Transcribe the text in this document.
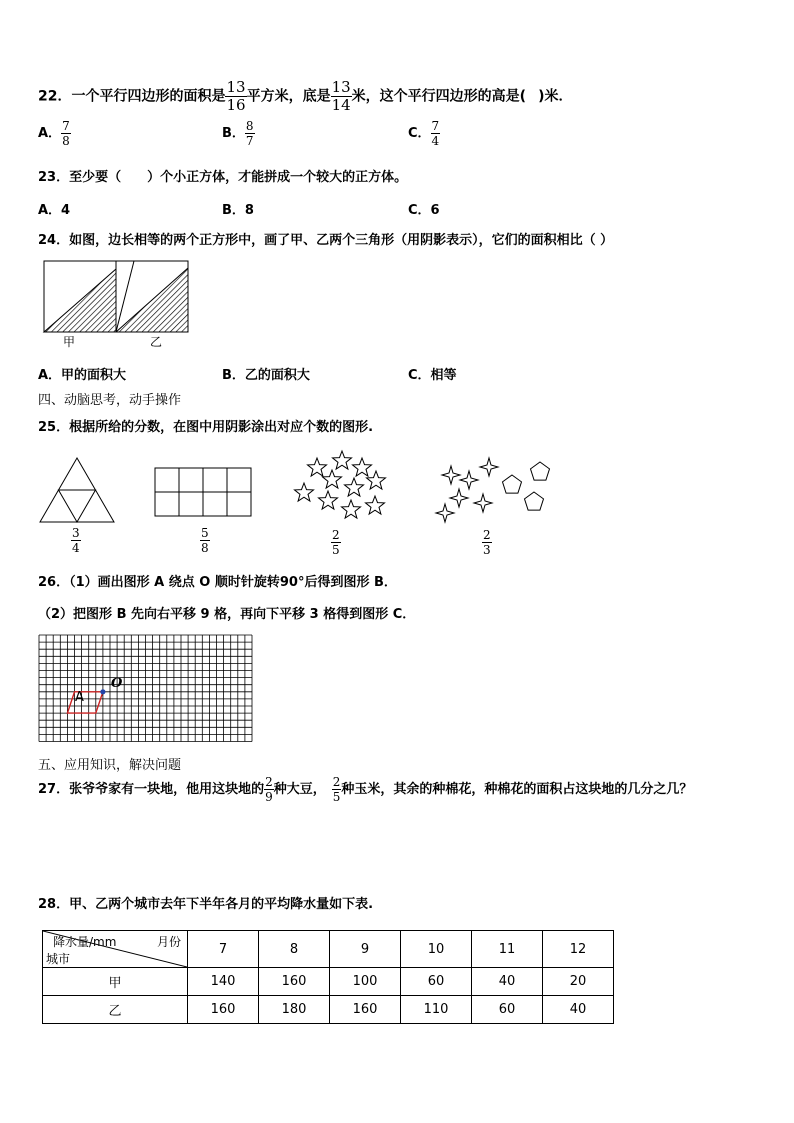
22．一个平行四边形的面积是 $\frac{13}{16}$ 平方米，底是 $\frac{13}{14}$ 米，这个平行四边形的高是( )米．
A． $\frac{7}{8}$	B． $\frac{8}{7}$	C． $\frac{7}{4}$
23．至少要（　　）个小正方体，才能拼成一个较大的正方体。
A．4	B．8	C．6
24．如图，边长相等的两个正方形中，画了甲、乙两个三角形（用阴影表示），它们的面积相比（ ）
甲	乙
A．甲的面积大	B．乙的面积大	C．相等
四、动脑思考，动手操作
25．根据所给的分数，在图中用阴影涂出对应个数的图形.
$\frac{3}{4}$	$\frac{5}{8}$	$\frac{2}{5}$	$\frac{2}{3}$
26．（1）画出图形 A 绕点 O 顺时针旋转90°后得到图形 B．
（2）把图形 B 先向右平移 9 格，再向下平移 3 格得到图形 C．
A
O
五、应用知识，解决问题
27．张爷爷家有一块地，他用这块地的 $\frac{2}{9}$ 种大豆， $\frac{2}{5}$ 种玉米，其余的种棉花，种棉花的面积占这块地的几分之几？
28．甲、乙两个城市去年下半年各月的平均降水量如下表.
降水量/mm 月份
城市	7	8	9	10	11	12
甲	140	160	100	60	40	20
乙	160	180	160	110	60	40
